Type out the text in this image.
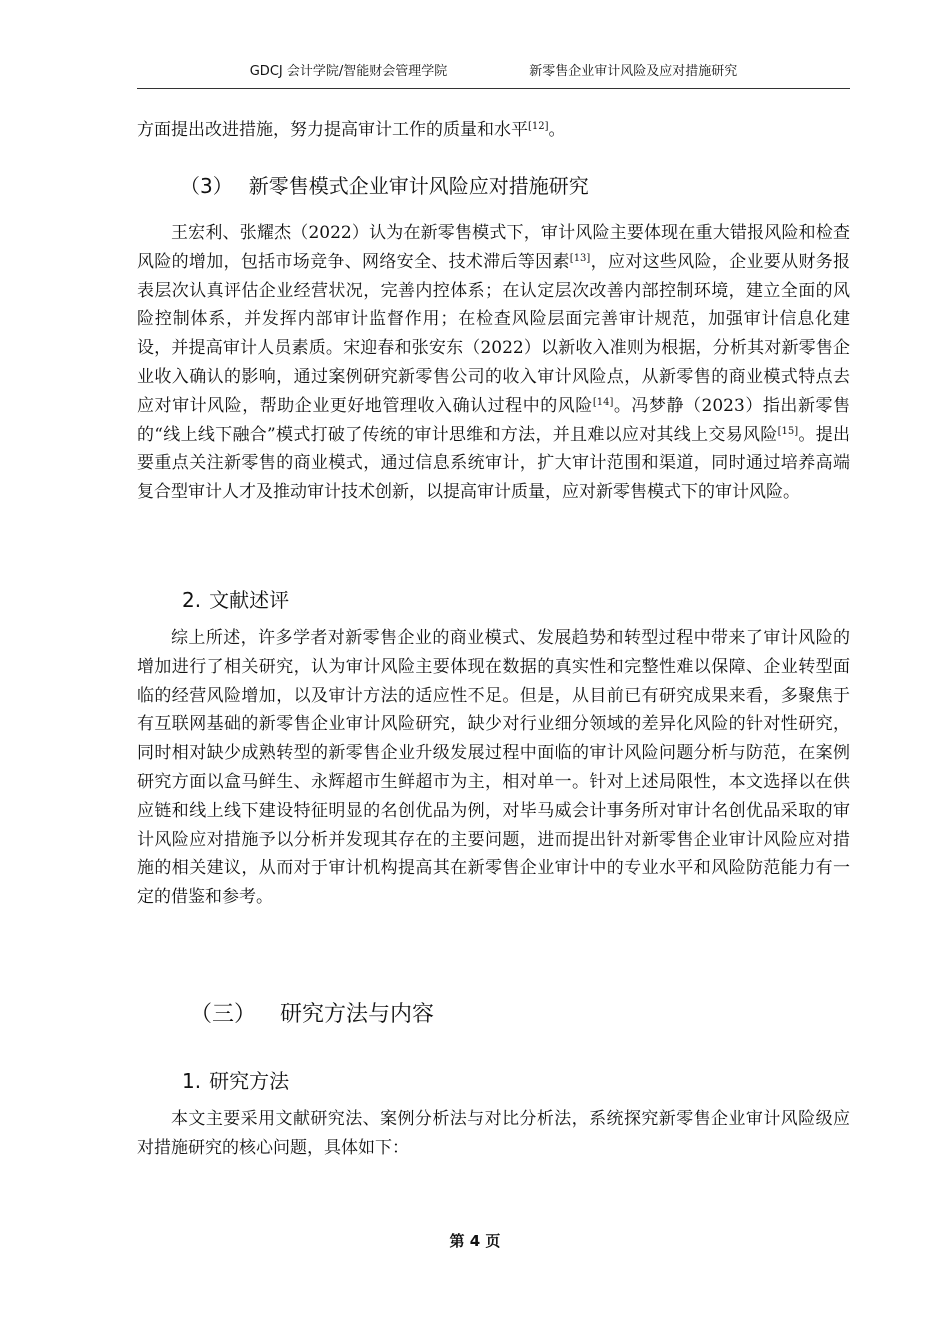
GDCJ 会计学院/智能财会管理学院	新零售企业审计风险及应对措施研究

方面提出改进措施，努力提高审计工作的质量和水平[12]。

（3） 新零售模式企业审计风险应对措施研究

王宏利、张耀杰（2022）认为在新零售模式下，审计风险主要体现在重大错报风险和检查风险的增加，包括市场竞争、网络安全、技术滞后等因素[13]，应对这些风险，企业要从财务报表层次认真评估企业经营状况，完善内控体系；在认定层次改善内部控制环境，建立全面的风险控制体系，并发挥内部审计监督作用；在检查风险层面完善审计规范，加强审计信息化建设，并提高审计人员素质。宋迎春和张安东（2022）以新收入准则为根据，分析其对新零售企业收入确认的影响，通过案例研究新零售公司的收入审计风险点，从新零售的商业模式特点去应对审计风险，帮助企业更好地管理收入确认过程中的风险[14]。冯梦静（2023）指出新零售的“线上线下融合”模式打破了传统的审计思维和方法，并且难以应对其线上交易风险[15]。提出要重点关注新零售的商业模式，通过信息系统审计，扩大审计范围和渠道，同时通过培养高端复合型审计人才及推动审计技术创新，以提高审计质量，应对新零售模式下的审计风险。

2. 文献述评

综上所述，许多学者对新零售企业的商业模式、发展趋势和转型过程中带来了审计风险的增加进行了相关研究，认为审计风险主要体现在数据的真实性和完整性难以保障、企业转型面临的经营风险增加，以及审计方法的适应性不足。但是，从目前已有研究成果来看，多聚焦于有互联网基础的新零售企业审计风险研究，缺少对行业细分领域的差异化风险的针对性研究，同时相对缺少成熟转型的新零售企业升级发展过程中面临的审计风险问题分析与防范，在案例研究方面以盒马鲜生、永辉超市生鲜超市为主，相对单一。针对上述局限性，本文选择以在供应链和线上线下建设特征明显的名创优品为例，对毕马威会计事务所对审计名创优品采取的审计风险应对措施予以分析并发现其存在的主要问题，进而提出针对新零售企业审计风险应对措施的相关建议，从而对于审计机构提高其在新零售企业审计中的专业水平和风险防范能力有一定的借鉴和参考。

（三） 研究方法与内容
1. 研究方法

本文主要采用文献研究法、案例分析法与对比分析法，系统探究新零售企业审计风险级应对措施研究的核心问题，具体如下：

第 4 页
